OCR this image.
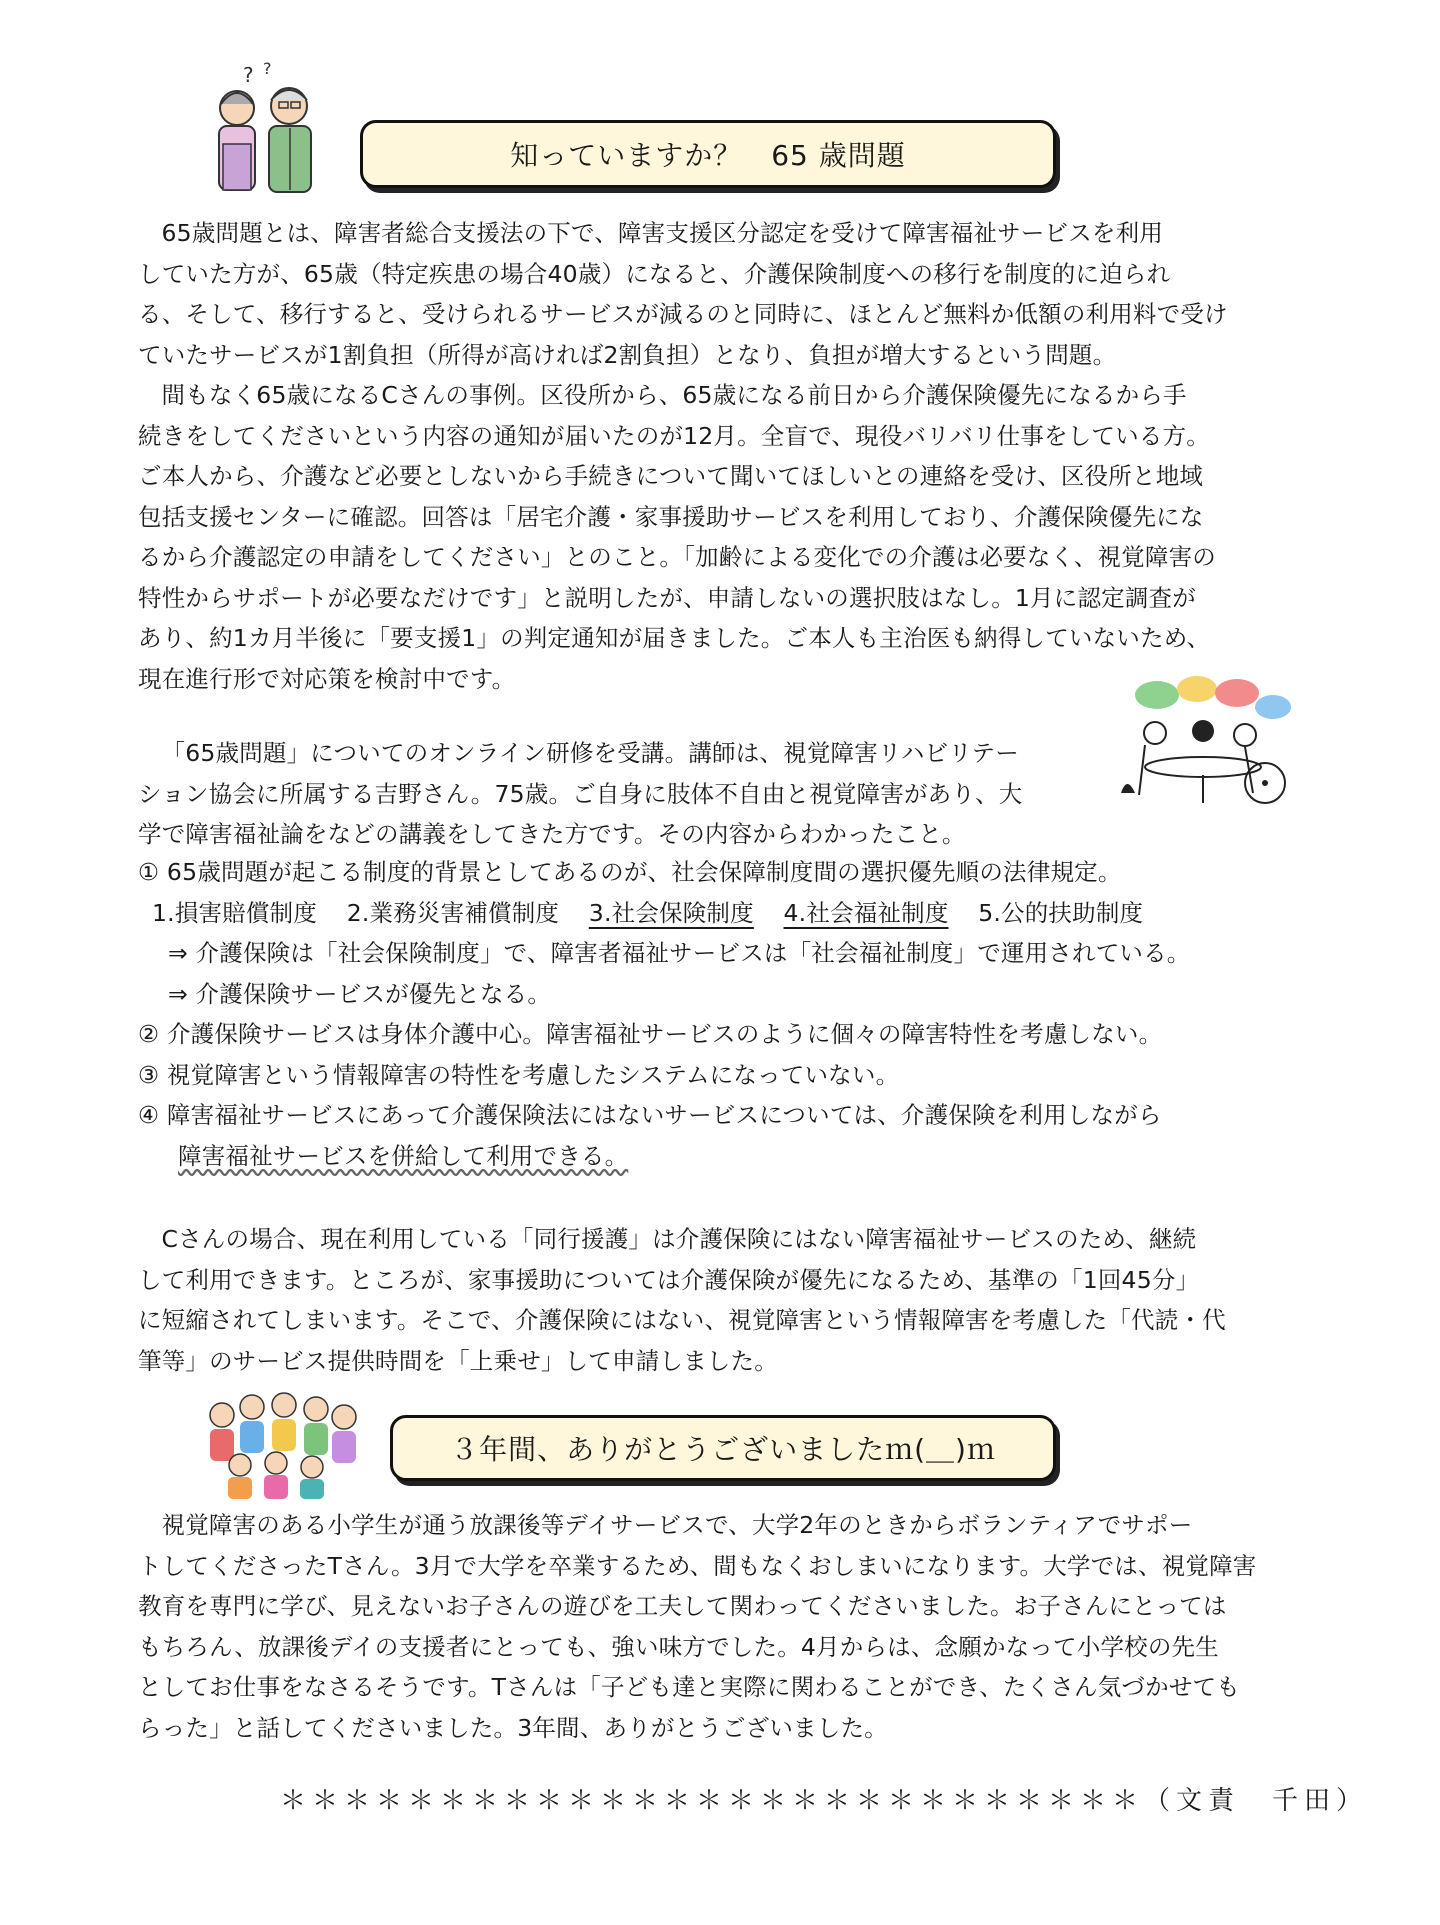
? ?
知っていますか？　65 歳問題
65歳問題とは、障害者総合支援法の下で、障害支援区分認定を受けて障害福祉サービスを利用
していた方が、65歳（特定疾患の場合40歳）になると、介護保険制度への移行を制度的に迫られ
る、そして、移行すると、受けられるサービスが減るのと同時に、ほとんど無料か低額の利用料で受け
ていたサービスが1割負担（所得が高ければ2割負担）となり、負担が増大するという問題。
間もなく65歳になるCさんの事例。区役所から、65歳になる前日から介護保険優先になるから手
続きをしてくださいという内容の通知が届いたのが12月。全盲で、現役バリバリ仕事をしている方。
ご本人から、介護など必要としないから手続きについて聞いてほしいとの連絡を受け、区役所と地域
包括支援センターに確認。回答は「居宅介護・家事援助サービスを利用しており、介護保険優先にな
るから介護認定の申請をしてください」とのこと。「加齢による変化での介護は必要なく、視覚障害の
特性からサポートが必要なだけです」と説明したが、申請しないの選択肢はなし。1月に認定調査が
あり、約1カ月半後に「要支援1」の判定通知が届きました。ご本人も主治医も納得していないため、
現在進行形で対応策を検討中です。
「65歳問題」についてのオンライン研修を受講。講師は、視覚障害リハビリテー
ション協会に所属する吉野さん。75歳。ご自身に肢体不自由と視覚障害があり、大
学で障害福祉論をなどの講義をしてきた方です。その内容からわかったこと。
① 65歳問題が起こる制度的背景としてあるのが、社会保障制度間の選択優先順の法律規定。
1.損害賠償制度 2.業務災害補償制度 3.社会保険制度 4.社会福祉制度 5.公的扶助制度
⇒ 介護保険は「社会保険制度」で、障害者福祉サービスは「社会福祉制度」で運用されている。
⇒ 介護保険サービスが優先となる。
② 介護保険サービスは身体介護中心。障害福祉サービスのように個々の障害特性を考慮しない。
③ 視覚障害という情報障害の特性を考慮したシステムになっていない。
④ 障害福祉サービスにあって介護保険法にはないサービスについては、介護保険を利用しながら
障害福祉サービスを併給して利用できる。
Cさんの場合、現在利用している「同行援護」は介護保険にはない障害福祉サービスのため、継続
して利用できます。ところが、家事援助については介護保険が優先になるため、基準の「1回45分」
に短縮されてしまいます。そこで、介護保険にはない、視覚障害という情報障害を考慮した「代読・代
筆等」のサービス提供時間を「上乗せ」して申請しました。
３年間、ありがとうございましたｍ(＿)ｍ
視覚障害のある小学生が通う放課後等デイサービスで、大学2年のときからボランティアでサポー
トしてくださったTさん。3月で大学を卒業するため、間もなくおしまいになります。大学では、視覚障害
教育を専門に学び、見えないお子さんの遊びを工夫して関わってくださいました。お子さんにとっては
もちろん、放課後デイの支援者にとっても、強い味方でした。4月からは、念願かなって小学校の先生
としてお仕事をなさるそうです。Tさんは「子ども達と実際に関わることができ、たくさん気づかせても
らった」と話してくださいました。3年間、ありがとうございました。
＊＊＊＊＊＊＊＊＊＊＊＊＊＊＊＊＊＊＊＊＊＊＊＊＊＊＊（文責　千田）
